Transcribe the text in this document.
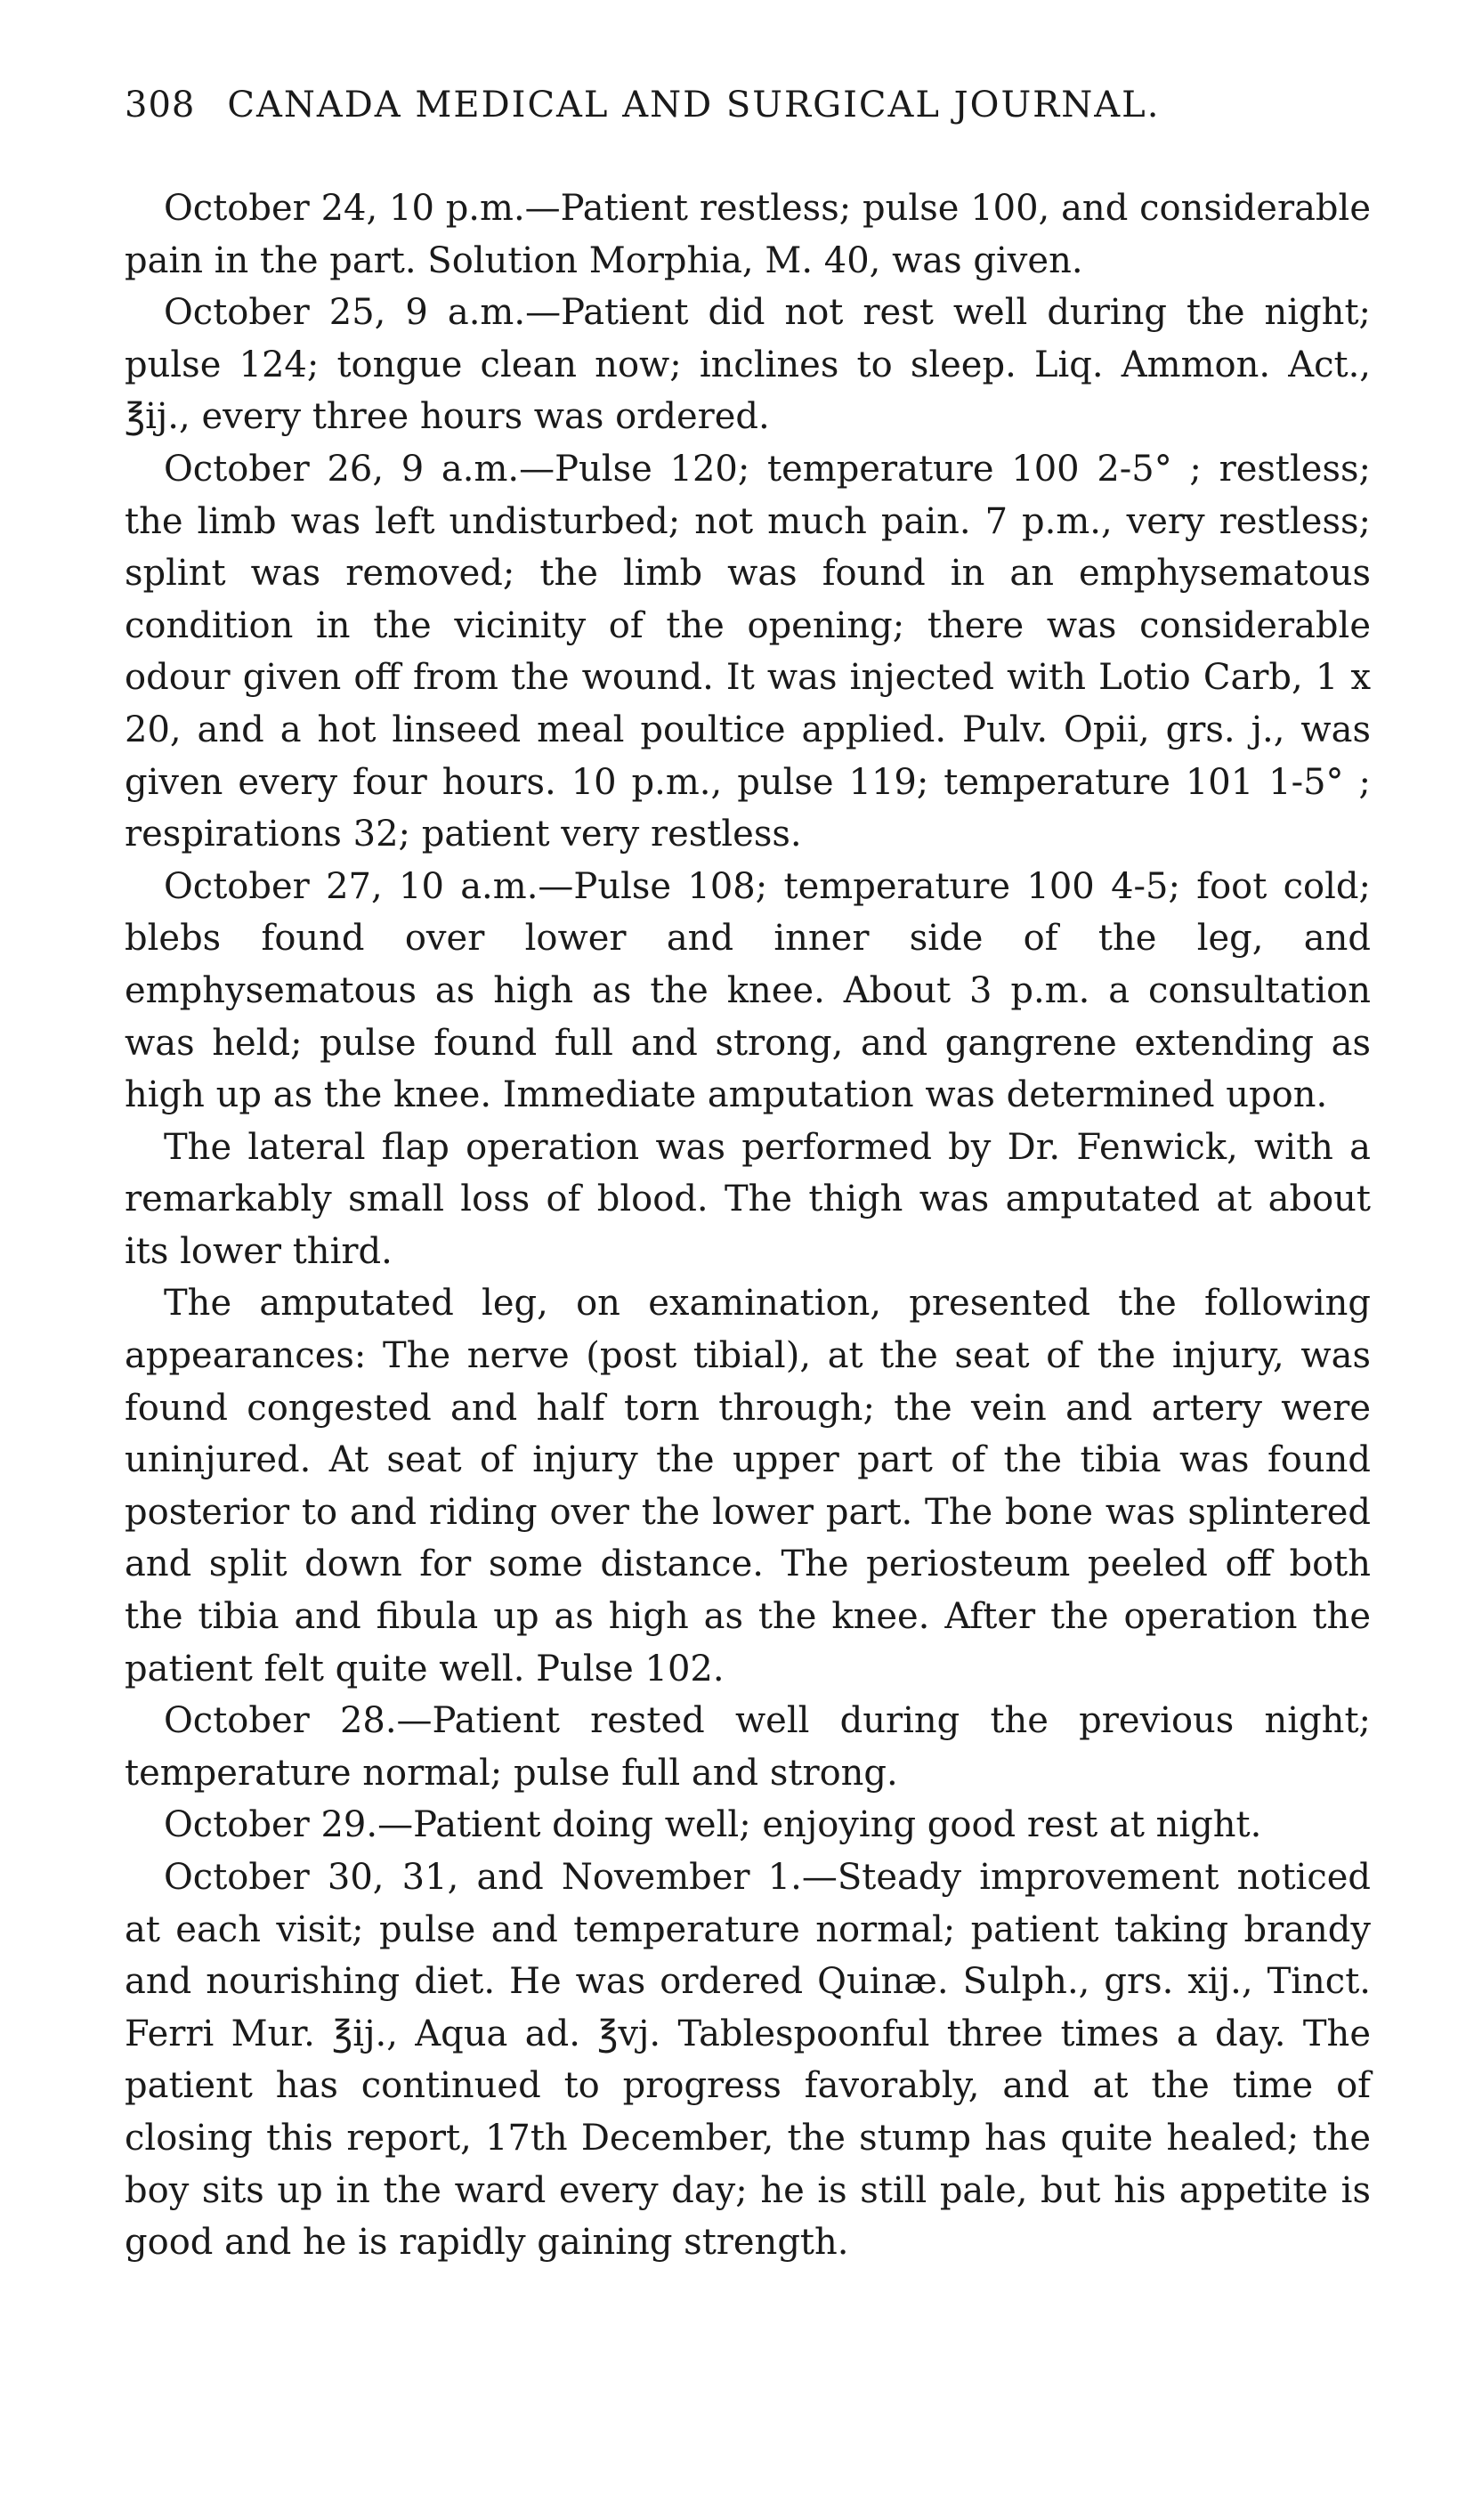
308 CANADA MEDICAL AND SURGICAL JOURNAL.

October 24, 10 p.m.—Patient restless; pulse 100, and considerable pain in the part. Solution Morphia, M. 40, was given.

October 25, 9 a.m.—Patient did not rest well during the night; pulse 124; tongue clean now; inclines to sleep. Liq. Ammon. Act., ℥ij., every three hours was ordered.

October 26, 9 a.m.—Pulse 120; temperature 100 2-5° ; restless; the limb was left undisturbed; not much pain. 7 p.m., very restless; splint was removed; the limb was found in an emphysematous condition in the vicinity of the opening; there was considerable odour given off from the wound. It was injected with Lotio Carb, 1 x 20, and a hot linseed meal poultice applied. Pulv. Opii, grs. j., was given every four hours. 10 p.m., pulse 119; temperature 101 1-5° ; respirations 32; patient very restless.

October 27, 10 a.m.—Pulse 108; temperature 100 4-5; foot cold; blebs found over lower and inner side of the leg, and emphysematous as high as the knee. About 3 p.m. a consultation was held; pulse found full and strong, and gangrene extending as high up as the knee. Immediate amputation was determined upon.

The lateral flap operation was performed by Dr. Fenwick, with a remarkably small loss of blood. The thigh was amputated at about its lower third.

The amputated leg, on examination, presented the following appearances: The nerve (post tibial), at the seat of the injury, was found congested and half torn through; the vein and artery were uninjured. At seat of injury the upper part of the tibia was found posterior to and riding over the lower part. The bone was splintered and split down for some distance. The periosteum peeled off both the tibia and fibula up as high as the knee. After the operation the patient felt quite well. Pulse 102.

October 28.—Patient rested well during the previous night; temperature normal; pulse full and strong.

October 29.—Patient doing well; enjoying good rest at night.

October 30, 31, and November 1.—Steady improvement noticed at each visit; pulse and temperature normal; patient taking brandy and nourishing diet. He was ordered Quinæ. Sulph., grs. xij., Tinct. Ferri Mur. ℥ij., Aqua ad. ℥vj. Tablespoonful three times a day. The patient has continued to progress favorably, and at the time of closing this report, 17th December, the stump has quite healed; the boy sits up in the ward every day; he is still pale, but his appetite is good and he is rapidly gaining strength.
